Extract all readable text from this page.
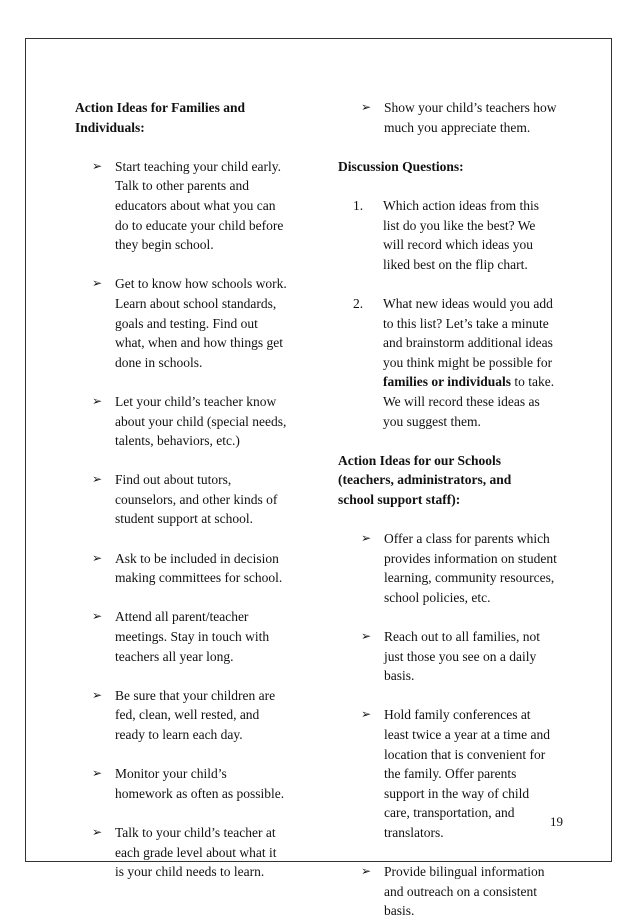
Action Ideas for Families and
Individuals:

➢ Start teaching your child early.
Talk to other parents and
educators about what you can
do to educate your child before
they begin school.
➢ Get to know how schools work.
Learn about school standards,
goals and testing. Find out
what, when and how things get
done in schools.
➢ Let your child’s teacher know
about your child (special needs,
talents, behaviors, etc.)
➢ Find out about tutors,
counselors, and other kinds of
student support at school.
➢ Ask to be included in decision
making committees for school.
➢ Attend all parent/teacher
meetings. Stay in touch with
teachers all year long.
➢ Be sure that your children are
fed, clean, well rested, and
ready to learn each day.
➢ Monitor your child’s
homework as often as possible.
➢ Talk to your child’s teacher at
each grade level about what it
is your child needs to learn.
➢ Show your child’s teachers how
much you appreciate them.

Discussion Questions:

1. Which action ideas from this
list do you like the best? We
will record which ideas you
liked best on the flip chart.
2. What new ideas would you add
to this list? Let’s take a minute
and brainstorm additional ideas
you think might be possible for
families or individuals to take.
We will record these ideas as
you suggest them.

Action Ideas for our Schools
(teachers, administrators, and
school support staff):

➢ Offer a class for parents which
provides information on student
learning, community resources,
school policies, etc.
➢ Reach out to all families, not
just those you see on a daily
basis.
➢ Hold family conferences at
least twice a year at a time and
location that is convenient for
the family. Offer parents
support in the way of child
care, transportation, and
translators.
➢ Provide bilingual information
and outreach on a consistent
basis.
19
